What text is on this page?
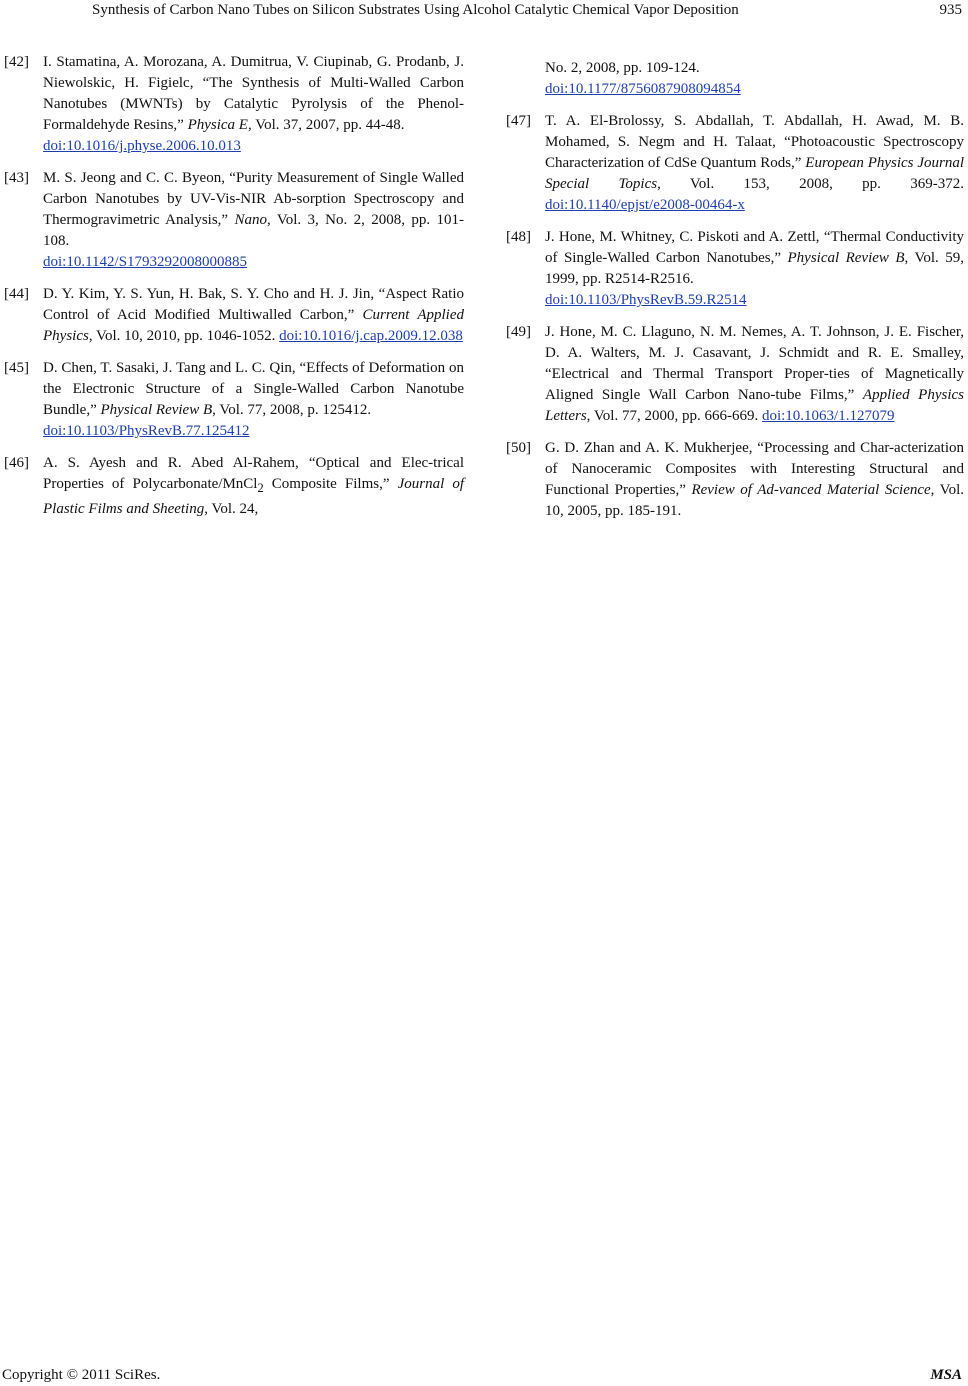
Synthesis of Carbon Nano Tubes on Silicon Substrates Using Alcohol Catalytic Chemical Vapor Deposition	935
[42] I. Stamatina, A. Morozana, A. Dumitrua, V. Ciupinab, G. Prodanb, J. Niewolskic, H. Figielc, “The Synthesis of Multi-Walled Carbon Nanotubes (MWNTs) by Catalytic Pyrolysis of the Phenol-Formaldehyde Resins,” Physica E, Vol. 37, 2007, pp. 44-48.
doi:10.1016/j.physe.2006.10.013
[43] M. S. Jeong and C. C. Byeon, “Purity Measurement of Single Walled Carbon Nanotubes by UV-Vis-NIR Ab-sorption Spectroscopy and Thermogravimetric Analysis,” Nano, Vol. 3, No. 2, 2008, pp. 101-108.
doi:10.1142/S1793292008000885
[44] D. Y. Kim, Y. S. Yun, H. Bak, S. Y. Cho and H. J. Jin, “Aspect Ratio Control of Acid Modified Multiwalled Carbon,” Current Applied Physics, Vol. 10, 2010, pp. 1046-1052. doi:10.1016/j.cap.2009.12.038
[45] D. Chen, T. Sasaki, J. Tang and L. C. Qin, “Effects of Deformation on the Electronic Structure of a Single-Walled Carbon Nanotube Bundle,” Physical Review B, Vol. 77, 2008, p. 125412.
doi:10.1103/PhysRevB.77.125412
[46] A. S. Ayesh and R. Abed Al-Rahem, “Optical and Elec-trical Properties of Polycarbonate/MnCl$_2$ Composite Films,” Journal of Plastic Films and Sheeting, Vol. 24,
No. 2, 2008, pp. 109-124.
doi:10.1177/8756087908094854
[47] T. A. El-Brolossy, S. Abdallah, T. Abdallah, H. Awad, M. B. Mohamed, S. Negm and H. Talaat, “Photoacoustic Spectroscopy Characterization of CdSe Quantum Rods,” European Physics Journal Special Topics, Vol. 153, 2008, pp. 369-372. doi:10.1140/epjst/e2008-00464-x
[48] J. Hone, M. Whitney, C. Piskoti and A. Zettl, “Thermal Conductivity of Single-Walled Carbon Nanotubes,” Physical Review B, Vol. 59, 1999, pp. R2514-R2516.
doi:10.1103/PhysRevB.59.R2514
[49] J. Hone, M. C. Llaguno, N. M. Nemes, A. T. Johnson, J. E. Fischer, D. A. Walters, M. J. Casavant, J. Schmidt and R. E. Smalley, “Electrical and Thermal Transport Proper-ties of Magnetically Aligned Single Wall Carbon Nano-tube Films,” Applied Physics Letters, Vol. 77, 2000, pp. 666-669. doi:10.1063/1.127079
[50] G. D. Zhan and A. K. Mukherjee, “Processing and Char-acterization of Nanoceramic Composites with Interesting Structural and Functional Properties,” Review of Ad-vanced Material Science, Vol. 10, 2005, pp. 185-191.
Copyright © 2011 SciRes.	MSA
